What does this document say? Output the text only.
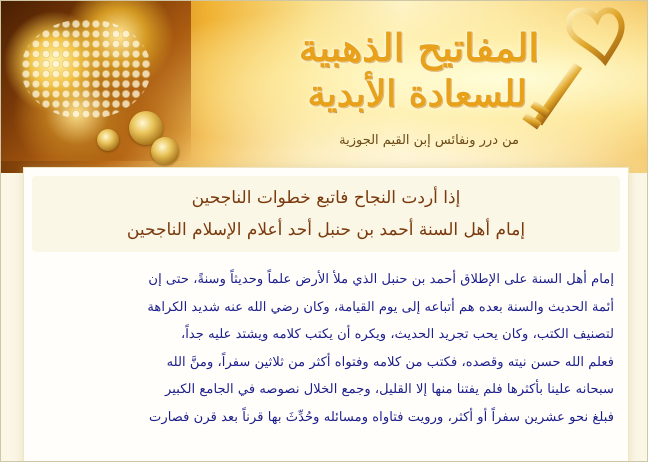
المفاتيح الذهبية
للسعادة الأبدية
من درر ونفائس إبن القيم الجوزية
إذا أردت النجاح فاتبع خطوات الناجحين
إمام أهل السنة أحمد بن حنبل أحد أعلام الإسلام الناجحين
إمام أهل السنة على الإطلاق أحمد بن حنبل الذي ملأ الأرض علماً وحديثاً وسنةً، حتى إن
أئمة الحديث والسنة بعده هم أتباعه إلى يوم القيامة، وكان رضي الله عنه شديد الكراهة
لتصنيف الكتب، وكان يحب تجريد الحديث، ويكره أن يكتب كلامه ويشتد عليه جداً،
فعلم الله حسن نيته وقصده، فكتب من كلامه وفتواه أكثر من ثلاثين سفراً، ومنَّ الله
سبحانه علينا بأكثرها فلم يفتنا منها إلا القليل، وجمع الخلال نصوصه في الجامع الكبير
فبلغ نحو عشرين سفراً أو أكثر، ورويت فتاواه ومسائله وحُدِّثَ بها قرناً بعد قرن فصارت
